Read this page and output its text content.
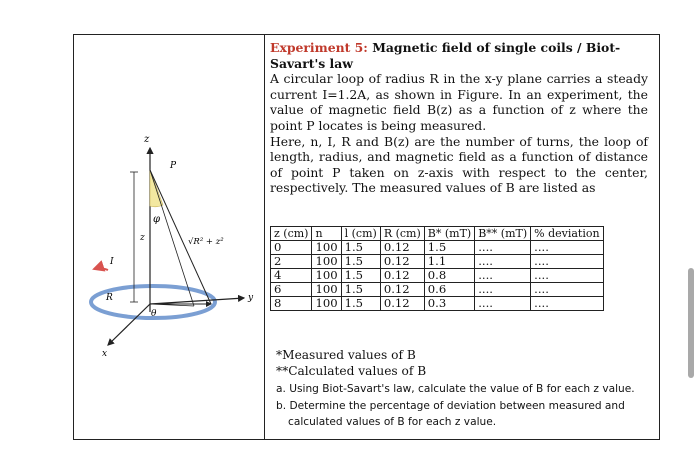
z
P
φ
z	√R² + z²
I
R
θ
y
x

Experiment 5: Magnetic field of single coils / Biot-Savart's law

A circular loop of radius R in the x-y plane carries a steady current I=1.2A, as shown in Figure. In an experiment, the value of magnetic field B(z) as a function of z where the point P locates is being measured.

Here, n, I, R and B(z) are the number of turns, the loop of length, radius, and magnetic field as a function of distance of point P taken on z-axis with respect to the center, respectively. The measured values of B are listed as

z (cm)	n	l (cm)	R (cm)	B* (mT)	B** (mT)	% deviation
0	100	1.5	0.12	1.5	....	....
2	100	1.5	0.12	1.1	....	....
4	100	1.5	0.12	0.8	....	....
6	100	1.5	0.12	0.6	....	....
8	100	1.5	0.12	0.3	....	....
*Measured values of B
**Calculated values of B

a. Using Biot-Savart's law, calculate the value of B for each z value.

b. Determine the percentage of deviation between measured and calculated values of B for each z value.
